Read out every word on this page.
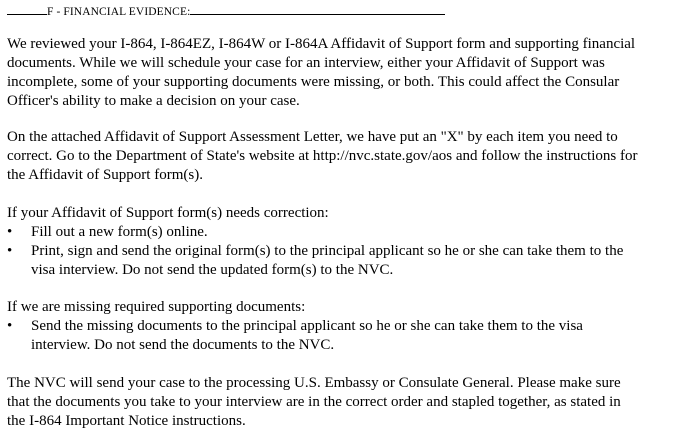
F - FINANCIAL EVIDENCE:
We reviewed your I-864, I-864EZ, I-864W or I-864A Affidavit of Support form and supporting financial
documents. While we will schedule your case for an interview, either your Affidavit of Support was
incomplete, some of your supporting documents were missing, or both. This could affect the Consular
Officer's ability to make a decision on your case.
On the attached Affidavit of Support Assessment Letter, we have put an "X" by each item you need to
correct. Go to the Department of State's website at http://nvc.state.gov/aos and follow the instructions for
the Affidavit of Support form(s).
If your Affidavit of Support form(s) needs correction:
• Fill out a new form(s) online.
• Print, sign and send the original form(s) to the principal applicant so he or she can take them to the
visa interview. Do not send the updated form(s) to the NVC.
If we are missing required supporting documents:
• Send the missing documents to the principal applicant so he or she can take them to the visa
interview. Do not send the documents to the NVC.
The NVC will send your case to the processing U.S. Embassy or Consulate General. Please make sure
that the documents you take to your interview are in the correct order and stapled together, as stated in
the I-864 Important Notice instructions.
